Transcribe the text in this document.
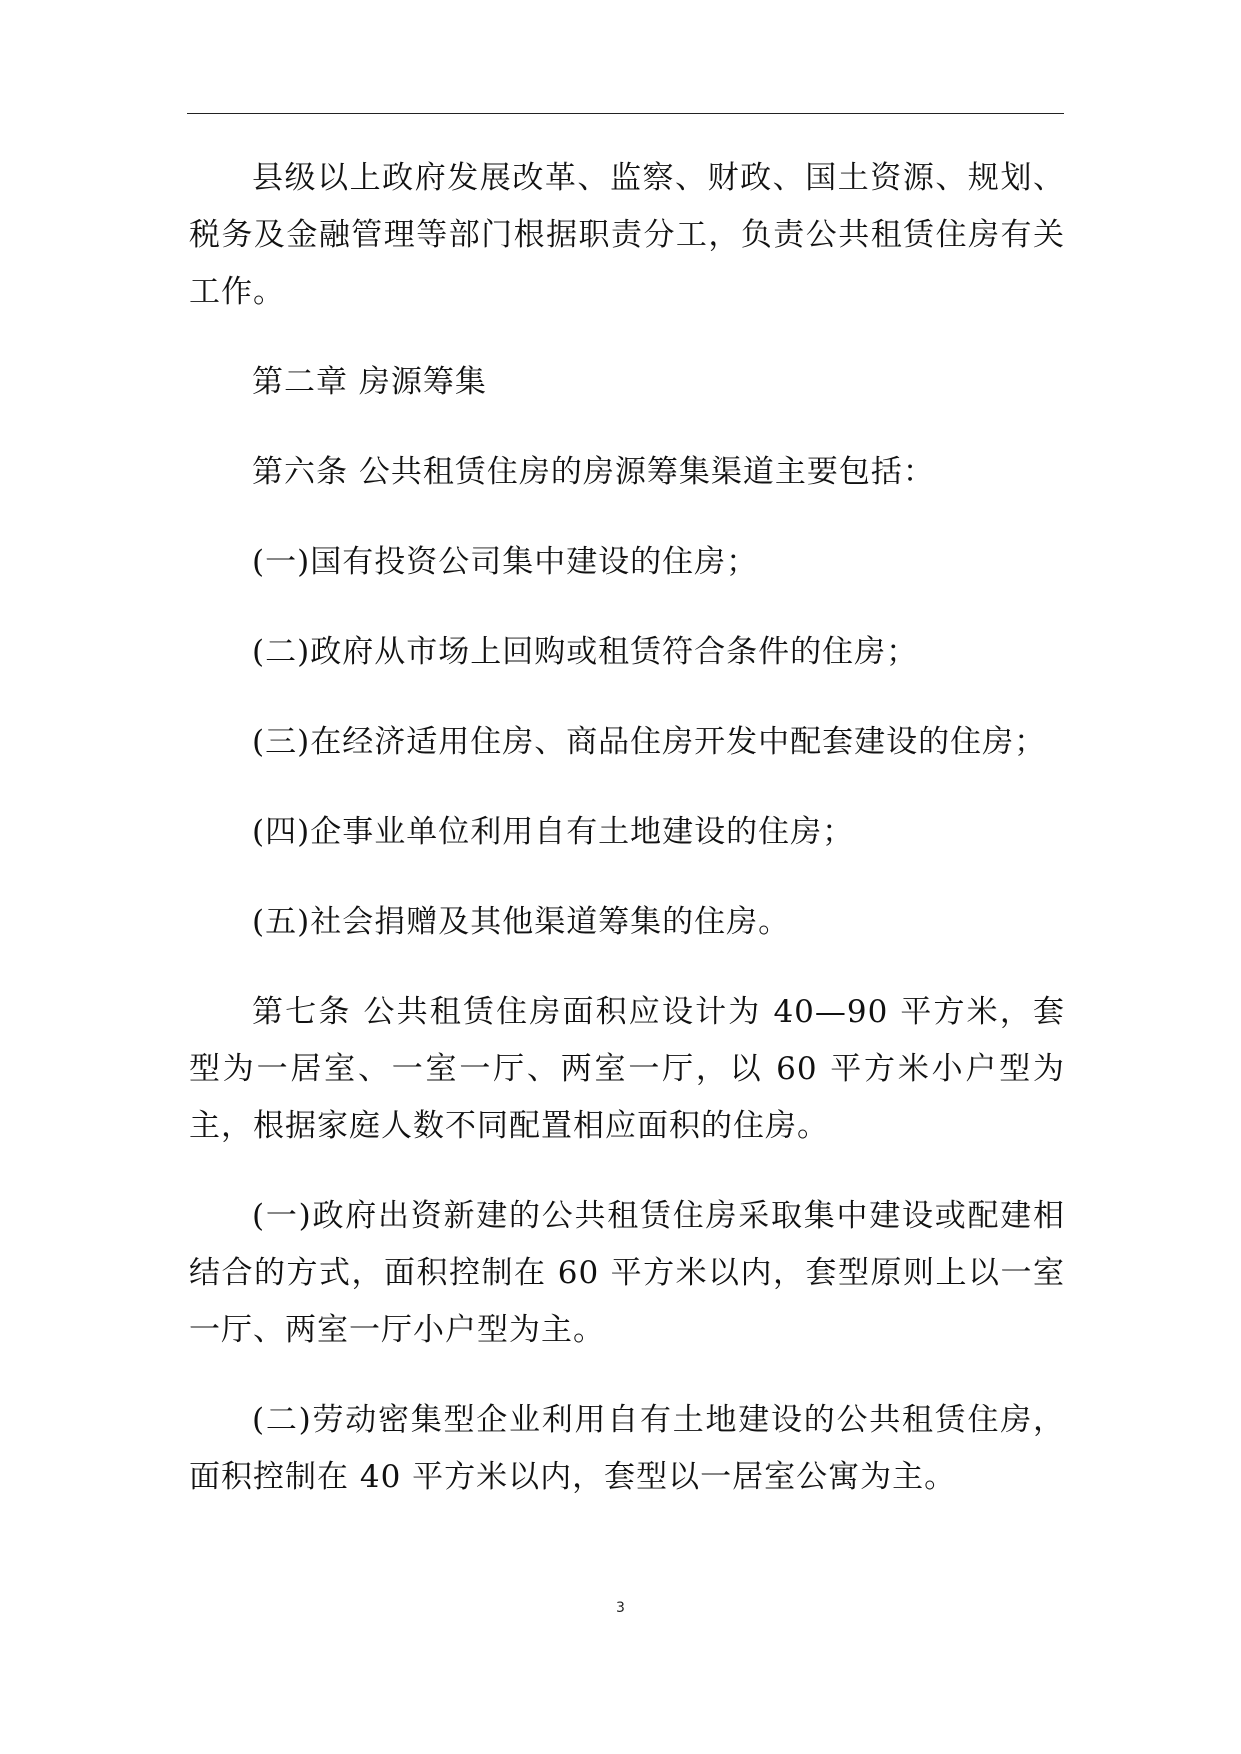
县级以上政府发展改革、监察、财政、国土资源、规划、税务及金融管理等部门根据职责分工，负责公共租赁住房有关工作。

第二章 房源筹集

第六条 公共租赁住房的房源筹集渠道主要包括：

(一)国有投资公司集中建设的住房；

(二)政府从市场上回购或租赁符合条件的住房；

(三)在经济适用住房、商品住房开发中配套建设的住房；

(四)企事业单位利用自有土地建设的住房；

(五)社会捐赠及其他渠道筹集的住房。

第七条 公共租赁住房面积应设计为 40—90 平方米，套型为一居室、一室一厅、两室一厅，以 60 平方米小户型为主，根据家庭人数不同配置相应面积的住房。

(一)政府出资新建的公共租赁住房采取集中建设或配建相结合的方式，面积控制在 60 平方米以内，套型原则上以一室一厅、两室一厅小户型为主。

(二)劳动密集型企业利用自有土地建设的公共租赁住房，面积控制在 40 平方米以内，套型以一居室公寓为主。

3
